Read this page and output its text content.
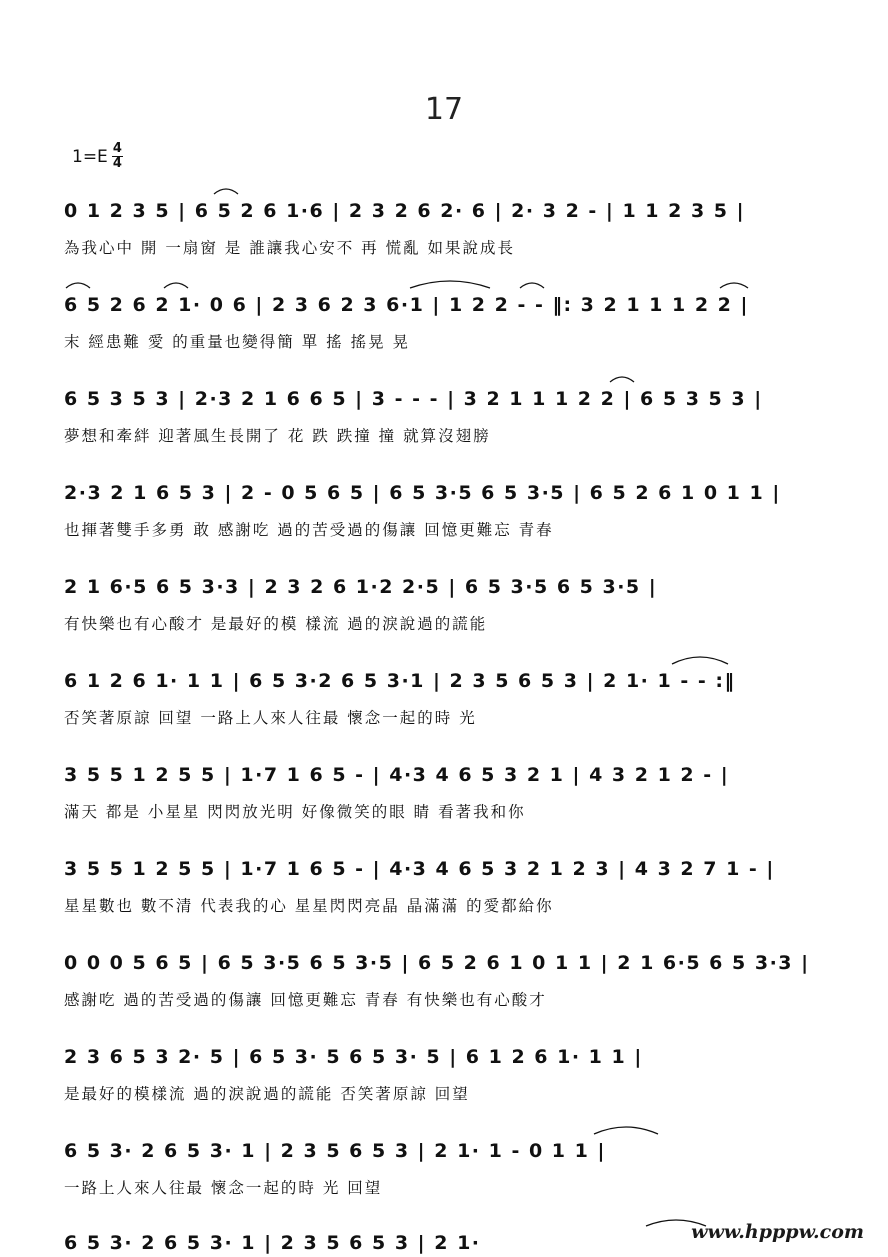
17
$1=E \frac{4}{4}$
0 1 2 3 5 | 6 5 2 6 1·6 | 2 3 2 6 2· 6 | 2· 3 2 - | 1 1 2 3 5 |
為我心中 開 一扇窗 是 誰讓我心安不 再 慌亂 如果說成長
6 5 2 6 2 1· 0 6 | 2 3 6 2 3 6·1 | 1 2 2 - - ‖: 3 2 1 1 1 2 2 |
末 經患難 愛 的重量也變得簡 單 搖 搖晃 晃
6 5 3 5 3 | 2·3 2 1 6 6 5 | 3 - - - | 3 2 1 1 1 2 2 | 6 5 3 5 3 |
夢想和牽絆 迎著風生長開了 花 跌 跌撞 撞 就算沒翅膀
2·3 2 1 6 5 3 | 2 - 0 5 6 5 | 6 5 3·5 6 5 3·5 | 6 5 2 6 1 0 1 1 |
也揮著雙手多勇 敢 感謝吃 過的苦受過的傷讓 回憶更難忘 青春
2 1 6·5 6 5 3·3 | 2 3 2 6 1·2 2·5 | 6 5 3·5 6 5 3·5 |
有快樂也有心酸才 是最好的模 樣流 過的淚說過的謊能
6 1 2 6 1· 1 1 | 6 5 3·2 6 5 3·1 | 2 3 5 6 5 3 | 2 1· 1 - - :‖
否笑著原諒 回望 一路上人來人往最 懷念一起的時 光
3 5 5 1 2 5 5 | 1·7 1 6 5 - | 4·3 4 6 5 3 2 1 | 4 3 2 1 2 - |
滿天 都是 小星星 閃閃放光明 好像微笑的眼 睛 看著我和你
3 5 5 1 2 5 5 | 1·7 1 6 5 - | 4·3 4 6 5 3 2 1 2 3 | 4 3 2 7 1 - |
星星數也 數不清 代表我的心 星星閃閃亮晶 晶滿滿 的愛都給你
0 0 0 5 6 5 | 6 5 3·5 6 5 3·5 | 6 5 2 6 1 0 1 1 | 2 1 6·5 6 5 3·3 |
感謝吃 過的苦受過的傷讓 回憶更難忘 青春 有快樂也有心酸才
2 3 6 5 3 2· 5 | 6 5 3· 5 6 5 3· 5 | 6 1 2 6 1· 1 1 |
是最好的模樣流 過的淚說過的謊能 否笑著原諒 回望
6 5 3· 2 6 5 3· 1 | 2 3 5 6 5 3 | 2 1· 1 - 0 1 1 |
一路上人來人往最 懷念一起的時 光 回望
6 5 3· 2 6 5 3· 1 | 2 3 5 6 5 3 | 2 1·	www.hpppw.com
